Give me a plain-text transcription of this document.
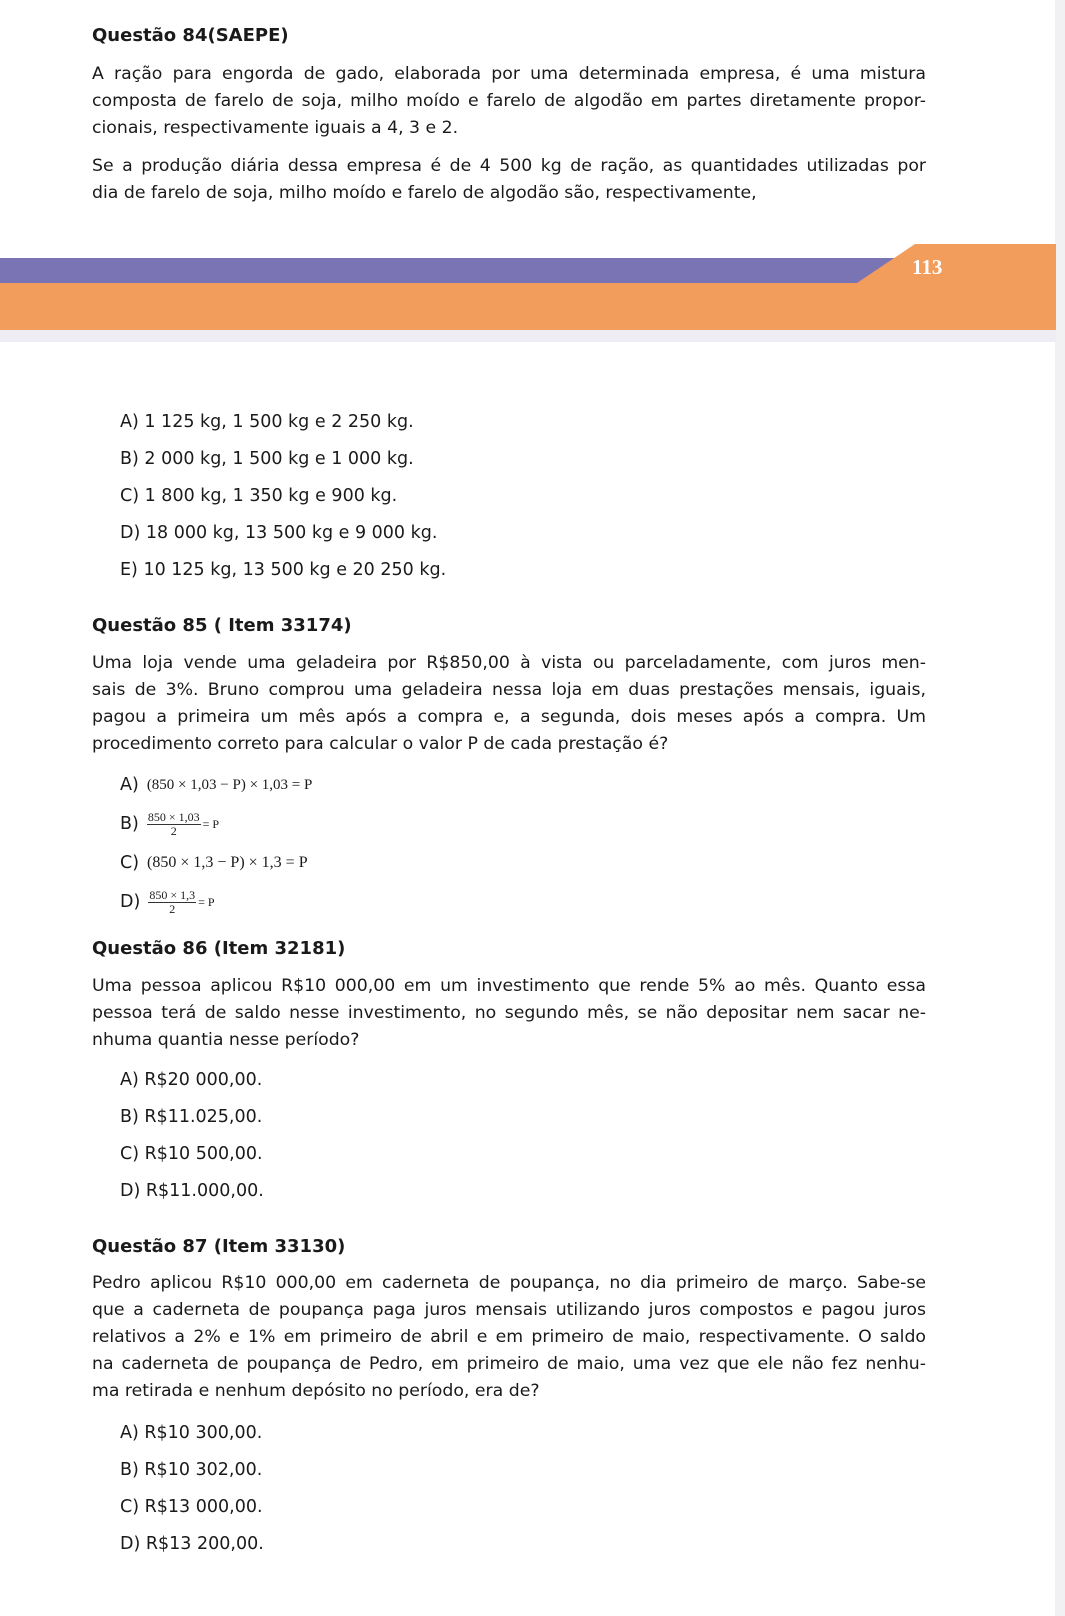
Questão 84(SAEPE)
A ração para engorda de gado, elaborada por uma determinada empresa, é uma mistura
composta de farelo de soja, milho moído e farelo de algodão em partes diretamente propor-
cionais, respectivamente iguais a 4, 3 e 2.
Se a produção diária dessa empresa é de 4 500 kg de ração, as quantidades utilizadas por
dia de farelo de soja, milho moído e farelo de algodão são, respectivamente,
113
A) 1 125 kg, 1 500 kg e 2 250 kg.
B) 2 000 kg, 1 500 kg e 1 000 kg.
C) 1 800 kg, 1 350 kg e 900 kg.
D) 18 000 kg, 13 500 kg e 9 000 kg.
E) 10 125 kg, 13 500 kg e 20 250 kg.
Questão 85 ( Item 33174)
Uma loja vende uma geladeira por R$850,00 à vista ou parceladamente, com juros men-
sais de 3%. Bruno comprou uma geladeira nessa loja em duas prestações mensais, iguais,
pagou a primeira um mês após a compra e, a segunda, dois meses após a compra. Um
procedimento correto para calcular o valor P de cada prestação é?
A) (850 × 1,03 − P) × 1,03 = P
$B) \frac{850 \times 1,03}{2} = P$
C) (850 × 1,3 − P) × 1,3 = P
$D) \frac{850 \times 1,3}{2} = P$
Questão 86 (Item 32181)
Uma pessoa aplicou R$10 000,00 em um investimento que rende 5% ao mês. Quanto essa
pessoa terá de saldo nesse investimento, no segundo mês, se não depositar nem sacar ne-
nhuma quantia nesse período?
A) R$20 000,00.
B) R$11.025,00.
C) R$10 500,00.
D) R$11.000,00.
Questão 87 (Item 33130)
Pedro aplicou R$10 000,00 em caderneta de poupança, no dia primeiro de março. Sabe-se
que a caderneta de poupança paga juros mensais utilizando juros compostos e pagou juros
relativos a 2% e 1% em primeiro de abril e em primeiro de maio, respectivamente. O saldo
na caderneta de poupança de Pedro, em primeiro de maio, uma vez que ele não fez nenhu-
ma retirada e nenhum depósito no período, era de?
A) R$10 300,00.
B) R$10 302,00.
C) R$13 000,00.
D) R$13 200,00.
